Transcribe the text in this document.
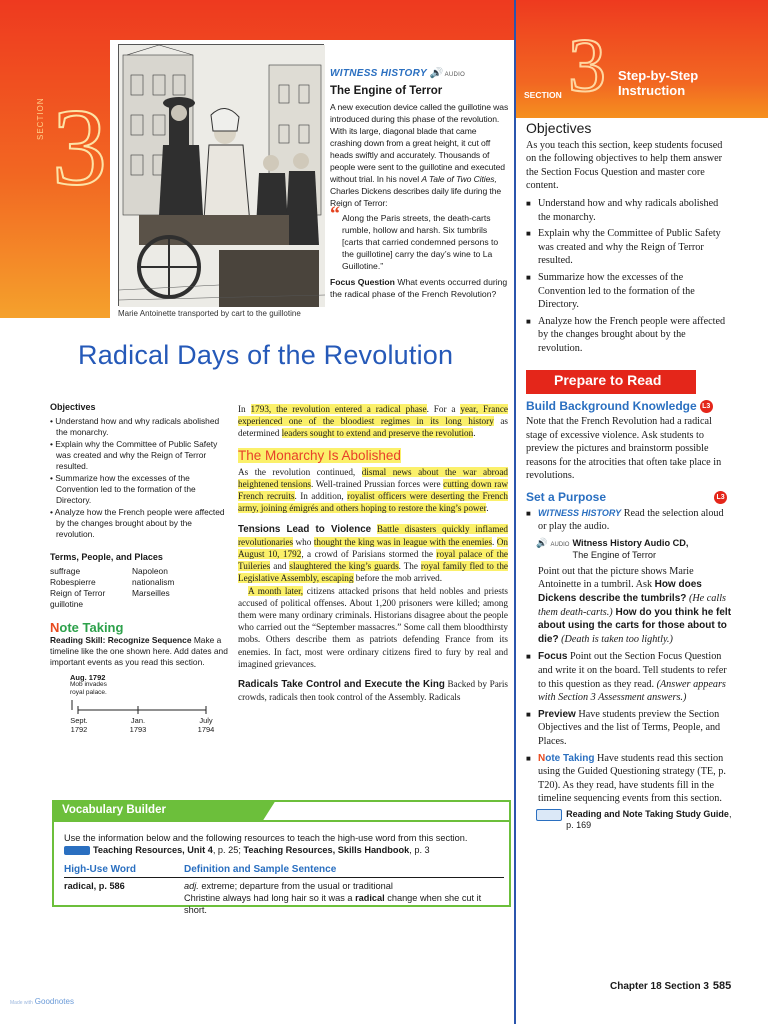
SECTION 3
Marie Antoinette transported by cart to the guillotine
WITNESS HISTORY 🔊 AUDIO
The Engine of Terror
A new execution device called the guillotine was introduced during this phase of the revolution. With its large, diagonal blade that came crashing down from a great height, it cut off heads swiftly and accurately. Thousands of people were sent to the guillotine and executed without trial. In his novel A Tale of Two Cities, Charles Dickens describes daily life during the Reign of Terror:
“ Along the Paris streets, the death-carts rumble, hollow and harsh. Six tumbrils [carts that carried condemned persons to the guillotine] carry the day’s wine to La Guillotine.”
Focus Question What events occurred during the radical phase of the French Revolution?
Radical Days of the Revolution
Objectives
• Understand how and why radicals abolished the monarchy.
• Explain why the Committee of Public Safety was created and why the Reign of Terror resulted.
• Summarize how the excesses of the Convention led to the formation of the Directory.
• Analyze how the French people were affected by the changes brought about by the revolution.
Terms, People, and Places
suffrage
Robespierre
Reign of Terror
guillotine
Napoleon
nationalism
Marseilles
Note Taking
Reading Skill: Recognize Sequence Make a timeline like the one shown here. Add dates and important events as you read this section.
Aug. 1792
Mob invades royal palace.
Sept.
1792
Jan.
1793
July
1794

In 1793, the revolution entered a radical phase. For a year, France experienced one of the bloodiest regimes in its long history as determined leaders sought to extend and preserve the revolution.

The Monarchy Is Abolished

As the revolution continued, dismal news about the war abroad heightened tensions. Well-trained Prussian forces were cutting down raw French recruits. In addition, royalist officers were deserting the French army, joining émigrés and others hoping to restore the king’s power.

Tensions Lead to Violence Battle disasters quickly inflamed revolutionaries who thought the king was in league with the enemies. On August 10, 1792, a crowd of Parisians stormed the royal palace of the Tuileries and slaughtered the king’s guards. The royal family fled to the Legislative Assembly, escaping before the mob arrived.

A month later, citizens attacked prisons that held nobles and priests accused of political offenses. About 1,200 prisoners were killed; among them were many ordinary criminals. Historians disagree about the people who carried out the “September massacres.” Some call them bloodthirsty mobs. Others describe them as patriots defending France from its enemies. In fact, most were ordinary citizens fired to fury by real and imagined grievances.

Radicals Take Control and Execute the King Backed by Paris crowds, radicals then took control of the Assembly. Radicals

Vocabulary Builder
Use the information below and the following resources to teach the high-use word from this section.
Teaching Resources, Unit 4, p. 25; Teaching Resources, Skills Handbook, p. 3
High-Use Word	Definition and Sample Sentence
radical, p. 586	adj. extreme; departure from the usual or traditional
Christine always had long hair so it was a radical change when she cut it short.
3
SECTION
Step-by-Step
Instruction
Objectives

As you teach this section, keep students focused on the following objectives to help them answer the Section Focus Question and master core content.

■ Understand how and why radicals abolished the monarchy.
■ Explain why the Committee of Public Safety was created and why the Reign of Terror resulted.
■ Summarize how the excesses of the Convention led to the formation of the Directory.
■ Analyze how the French people were affected by the changes brought about by the revolution.
Prepare to Read
Build Background Knowledge L3

Note that the French Revolution had a radical stage of excessive violence. Ask students to preview the pictures and brainstorm possible reasons for the atrocities that often take place in revolutions.

Set a Purpose	L3
■ WITNESS HISTORY Read the selection aloud or play the audio.
🔊 AUDIO Witness History Audio CD,
The Engine of Terror

Point out that the picture shows Marie Antoinette in a tumbril. Ask How does Dickens describe the tumbrils? (He calls them death-carts.) How do you think he felt about using the carts for those about to die? (Death is taken too lightly.)

■ Focus Point out the Section Focus Question and write it on the board. Tell students to refer to this question as they read. (Answer appears with Section 3 Assessment answers.)
■ Preview Have students preview the Section Objectives and the list of Terms, People, and Places.
■ Note Taking Have students read this section using the Guided Questioning strategy (TE, p. T20). As they read, have students fill in the timeline sequencing events from this section.
Reading and Note Taking Study Guide, p. 169
Chapter 18 Section 3 585
Made with Goodnotes
